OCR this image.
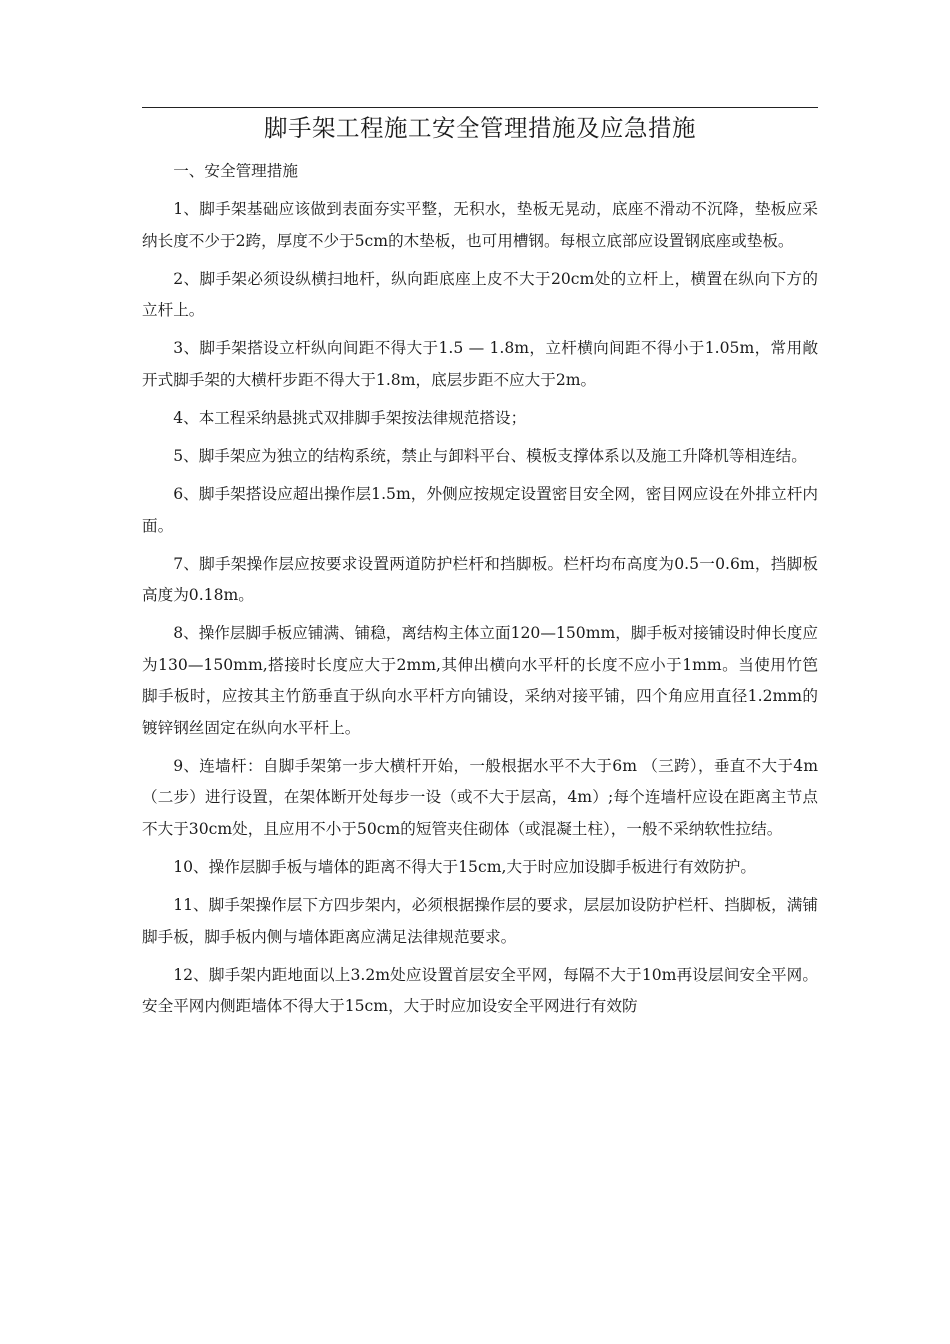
脚手架工程施工安全管理措施及应急措施

一、安全管理措施

1、脚手架基础应该做到表面夯实平整，无积水，垫板无晃动，底座不滑动不沉降，垫板应采纳长度不少于2跨，厚度不少于5cm的木垫板，也可用槽钢。每根立底部应设置钢底座或垫板。

2、脚手架必须设纵横扫地杆，纵向距底座上皮不大于20cm处的立杆上，横置在纵向下方的立杆上。

3、脚手架搭设立杆纵向间距不得大于1.5 — 1.8m，立杆横向间距不得小于1.05m，常用敞开式脚手架的大横杆步距不得大于1.8m，底层步距不应大于2m。

4、本工程采纳悬挑式双排脚手架按法律规范搭设；

5、脚手架应为独立的结构系统，禁止与卸料平台、模板支撑体系以及施工升降机等相连结。

6、脚手架搭设应超出操作层1.5m，外侧应按规定设置密目安全网，密目网应设在外排立杆内面。

7、脚手架操作层应按要求设置两道防护栏杆和挡脚板。栏杆均布高度为0.5一0.6m，挡脚板高度为0.18m。

8、操作层脚手板应铺满、铺稳，离结构主体立面120—150mm，脚手板对接铺设时伸长度应为130—150mm,搭接时长度应大于2mm,其伸出横向水平杆的长度不应小于1mm。当使用竹笆脚手板时，应按其主竹筋垂直于纵向水平杆方向铺设，采纳对接平铺，四个角应用直径1.2mm的镀锌钢丝固定在纵向水平杆上。

9、连墙杆：自脚手架第一步大横杆开始，一般根据水平不大于6m （三跨），垂直不大于4m（二步）进行设置，在架体断开处每步一设（或不大于层高，4m）;每个连墙杆应设在距离主节点不大于30cm处，且应用不小于50cm的短管夹住砌体（或混凝土柱），一般不采纳软性拉结。

10、操作层脚手板与墙体的距离不得大于15cm,大于时应加设脚手板进行有效防护。

11、脚手架操作层下方四步架内，必须根据操作层的要求，层层加设防护栏杆、挡脚板，满铺脚手板，脚手板内侧与墙体距离应满足法律规范要求。

12、脚手架内距地面以上3.2m处应设置首层安全平网，每隔不大于10m再设层间安全平网。安全平网内侧距墙体不得大于15cm，大于时应加设安全平网进行有效防
